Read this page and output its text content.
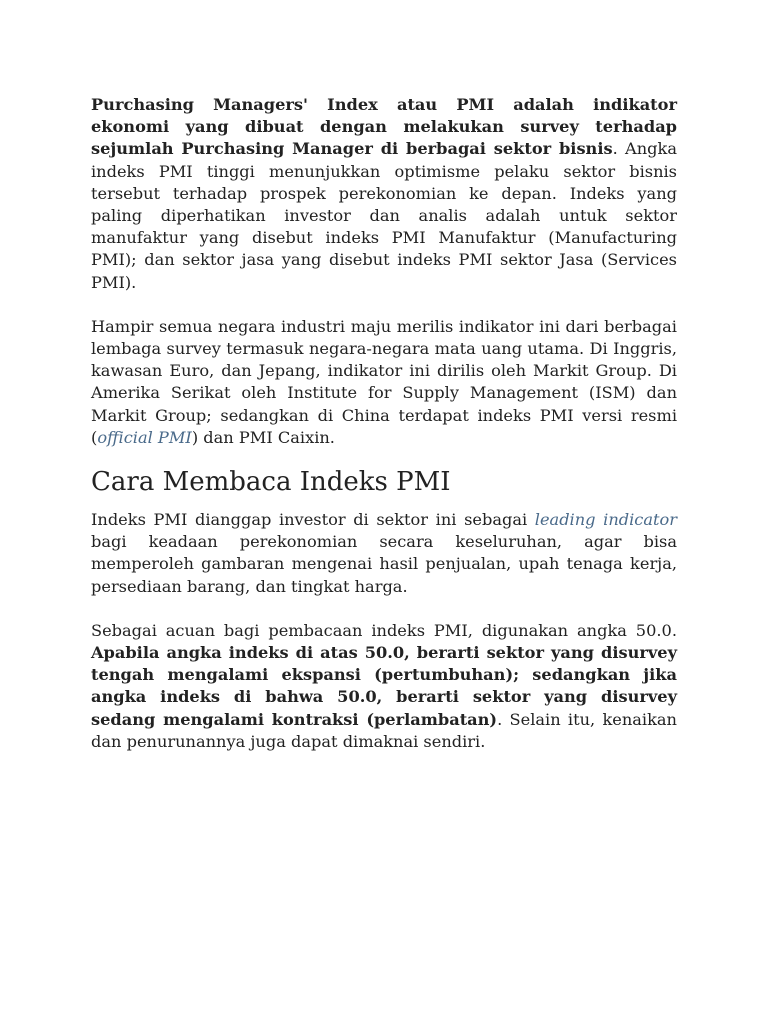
Purchasing Managers' Index atau PMI adalah indikator ekonomi yang dibuat dengan melakukan survey terhadap sejumlah Purchasing Manager di berbagai sektor bisnis. Angka indeks PMI tinggi menunjukkan optimisme pelaku sektor bisnis tersebut terhadap prospek perekonomian ke depan. Indeks yang paling diperhatikan investor dan analis adalah untuk sektor manufaktur yang disebut indeks PMI Manufaktur (Manufacturing PMI); dan sektor jasa yang disebut indeks PMI sektor Jasa (Services PMI).

Hampir semua negara industri maju merilis indikator ini dari berbagai lembaga survey termasuk negara-negara mata uang utama. Di Inggris, kawasan Euro, dan Jepang, indikator ini dirilis oleh Markit Group. Di Amerika Serikat oleh Institute for Supply Management (ISM) dan Markit Group; sedangkan di China terdapat indeks PMI versi resmi (official PMI) dan PMI Caixin.

Cara Membaca Indeks PMI

Indeks PMI dianggap investor di sektor ini sebagai leading indicator bagi keadaan perekonomian secara keseluruhan, agar bisa memperoleh gambaran mengenai hasil penjualan, upah tenaga kerja, persediaan barang, dan tingkat harga.

Sebagai acuan bagi pembacaan indeks PMI, digunakan angka 50.0. Apabila angka indeks di atas 50.0, berarti sektor yang disurvey tengah mengalami ekspansi (pertumbuhan); sedangkan jika angka indeks di bahwa 50.0, berarti sektor yang disurvey sedang mengalami kontraksi (perlambatan). Selain itu, kenaikan dan penurunannya juga dapat dimaknai sendiri.
